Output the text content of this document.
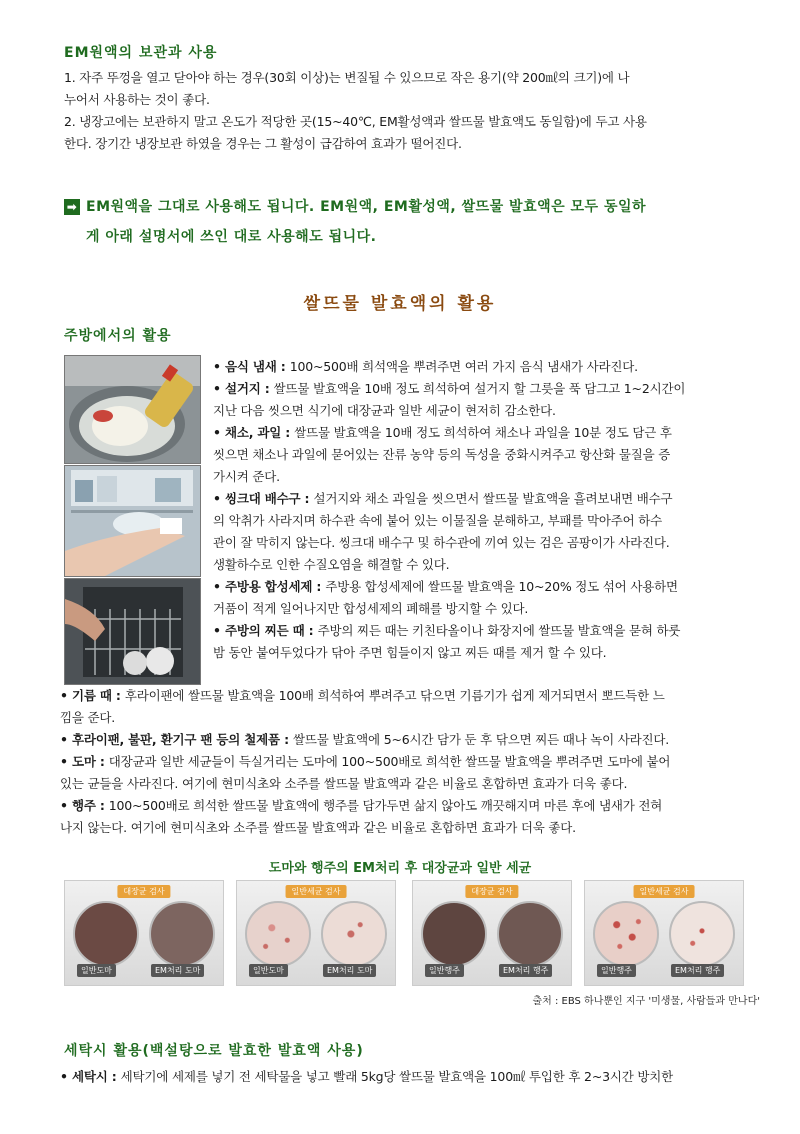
EM원액의 보관과 사용
1. 자주 뚜껑을 열고 닫아야 하는 경우(30회 이상)는 변질될 수 있으므로 작은 용기(약 200㎖의 크기)에 나
누어서 사용하는 것이 좋다.
2. 냉장고에는 보관하지 말고 온도가 적당한 곳(15~40℃, EM활성액과 쌀뜨물 발효액도 동일함)에 두고 사용
한다. 장기간 냉장보관 하였을 경우는 그 활성이 급감하여 효과가 떨어진다.
➡ EM원액을 그대로 사용해도 됩니다. EM원액, EM활성액, 쌀뜨물 발효액은 모두 동일하
게 아래 설명서에 쓰인 대로 사용해도 됩니다.
쌀뜨물 발효액의 활용
주방에서의 활용
• 음식 냄새 : 100~500배 희석액을 뿌려주면 여러 가지 음식 냄새가 사라진다.
• 설거지 : 쌀뜨물 발효액을 10배 정도 희석하여 설거지 할 그릇을 푹 담그고 1~2시간이
지난 다음 씻으면 식기에 대장균과 일반 세균이 현저히 감소한다.
• 채소, 과일 : 쌀뜨물 발효액을 10배 정도 희석하여 채소나 과일을 10분 정도 담근 후
씻으면 채소나 과일에 묻어있는 잔류 농약 등의 독성을 중화시켜주고 항산화 물질을 증
가시켜 준다.
• 씽크대 배수구 : 설거지와 채소 과일을 씻으면서 쌀뜨물 발효액을 흘려보내면 배수구
의 악취가 사라지며 하수관 속에 붙어 있는 이물질을 분해하고, 부패를 막아주어 하수
관이 잘 막히지 않는다. 씽크대 배수구 및 하수관에 끼여 있는 검은 곰팡이가 사라진다.
생활하수로 인한 수질오염을 해결할 수 있다.
• 주방용 합성세제 : 주방용 합성세제에 쌀뜨물 발효액을 10~20% 정도 섞어 사용하면
거품이 적게 일어나지만 합성세제의 폐해를 방지할 수 있다.
• 주방의 찌든 때 : 주방의 찌든 때는 키친타올이나 화장지에 쌀뜨물 발효액을 묻혀 하룻
밤 동안 붙여두었다가 닦아 주면 힘들이지 않고 찌든 때를 제거 할 수 있다.
• 기름 때 : 후라이팬에 쌀뜨물 발효액을 100배 희석하여 뿌려주고 닦으면 기름기가 쉽게 제거되면서 뽀드득한 느
낌을 준다.
• 후라이팬, 불판, 환기구 팬 등의 철제품 : 쌀뜨물 발효액에 5~6시간 담가 둔 후 닦으면 찌든 때나 녹이 사라진다.
• 도마 : 대장균과 일반 세균들이 득실거리는 도마에 100~500배로 희석한 쌀뜨물 발효액을 뿌려주면 도마에 붙어
있는 균들을 사라진다. 여기에 현미식초와 소주를 쌀뜨물 발효액과 같은 비율로 혼합하면 효과가 더욱 좋다.
• 행주 : 100~500배로 희석한 쌀뜨물 발효액에 행주를 담가두면 삶지 않아도 깨끗해지며 마른 후에 냄새가 전혀
나지 않는다. 여기에 현미식초와 소주를 쌀뜨물 발효액과 같은 비율로 혼합하면 효과가 더욱 좋다.
도마와 행주의 EM처리 후 대장균과 일반 세균
대장균 검사
일반도마	EM처리 도마
일반세균 검사
일반도마	EM처리 도마
대장균 검사
일반행주	EM처리 행주
일반세균 검사
일반행주	EM처리 행주
출처 : EBS 하나뿐인 지구 '미생물, 사람들과 만나다'
세탁시 활용(백설탕으로 발효한 발효액 사용)
• 세탁시 : 세탁기에 세제를 넣기 전 세탁물을 넣고 빨래 5kg당 쌀뜨물 발효액을 100㎖ 투입한 후 2~3시간 방치한
